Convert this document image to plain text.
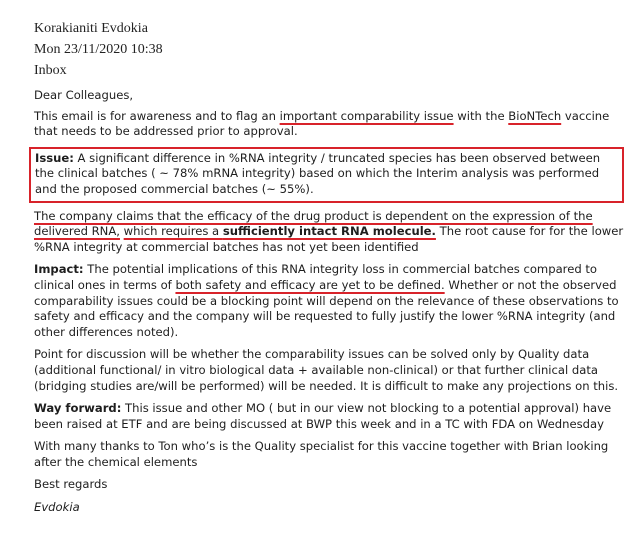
Korakianiti Evdokia
Mon 23/11/2020 10:38
Inbox

Dear Colleagues,

This email is for awareness and to flag an important comparability issue with the BioNTech vaccine that needs to be addressed prior to approval.

Issue: A significant difference in %RNA integrity / truncated species has been observed between the clinical batches ( ~ 78% mRNA integrity) based on which the Interim analysis was performed and the proposed commercial batches (~ 55%).

The company claims that the efficacy of the drug product is dependent on the expression of the delivered RNA, which requires a sufficiently intact RNA molecule. The root cause for for the lower %RNA integrity at commercial batches has not yet been identified

Impact: The potential implications of this RNA integrity loss in commercial batches compared to clinical ones in terms of both safety and efficacy are yet to be defined. Whether or not the observed comparability issues could be a blocking point will depend on the relevance of these observations to safety and efficacy and the company will be requested to fully justify the lower %RNA integrity (and other differences noted).

Point for discussion will be whether the comparability issues can be solved only by Quality data (additional functional/ in vitro biological data + available non-clinical) or that further clinical data (bridging studies are/will be performed) will be needed. It is difficult to make any projections on this.

Way forward: This issue and other MO ( but in our view not blocking to a potential approval) have been raised at ETF and are being discussed at BWP this week and in a TC with FDA on Wednesday

With many thanks to Ton who’s is the Quality specialist for this vaccine together with Brian looking after the chemical elements

Best regards

Evdokia
